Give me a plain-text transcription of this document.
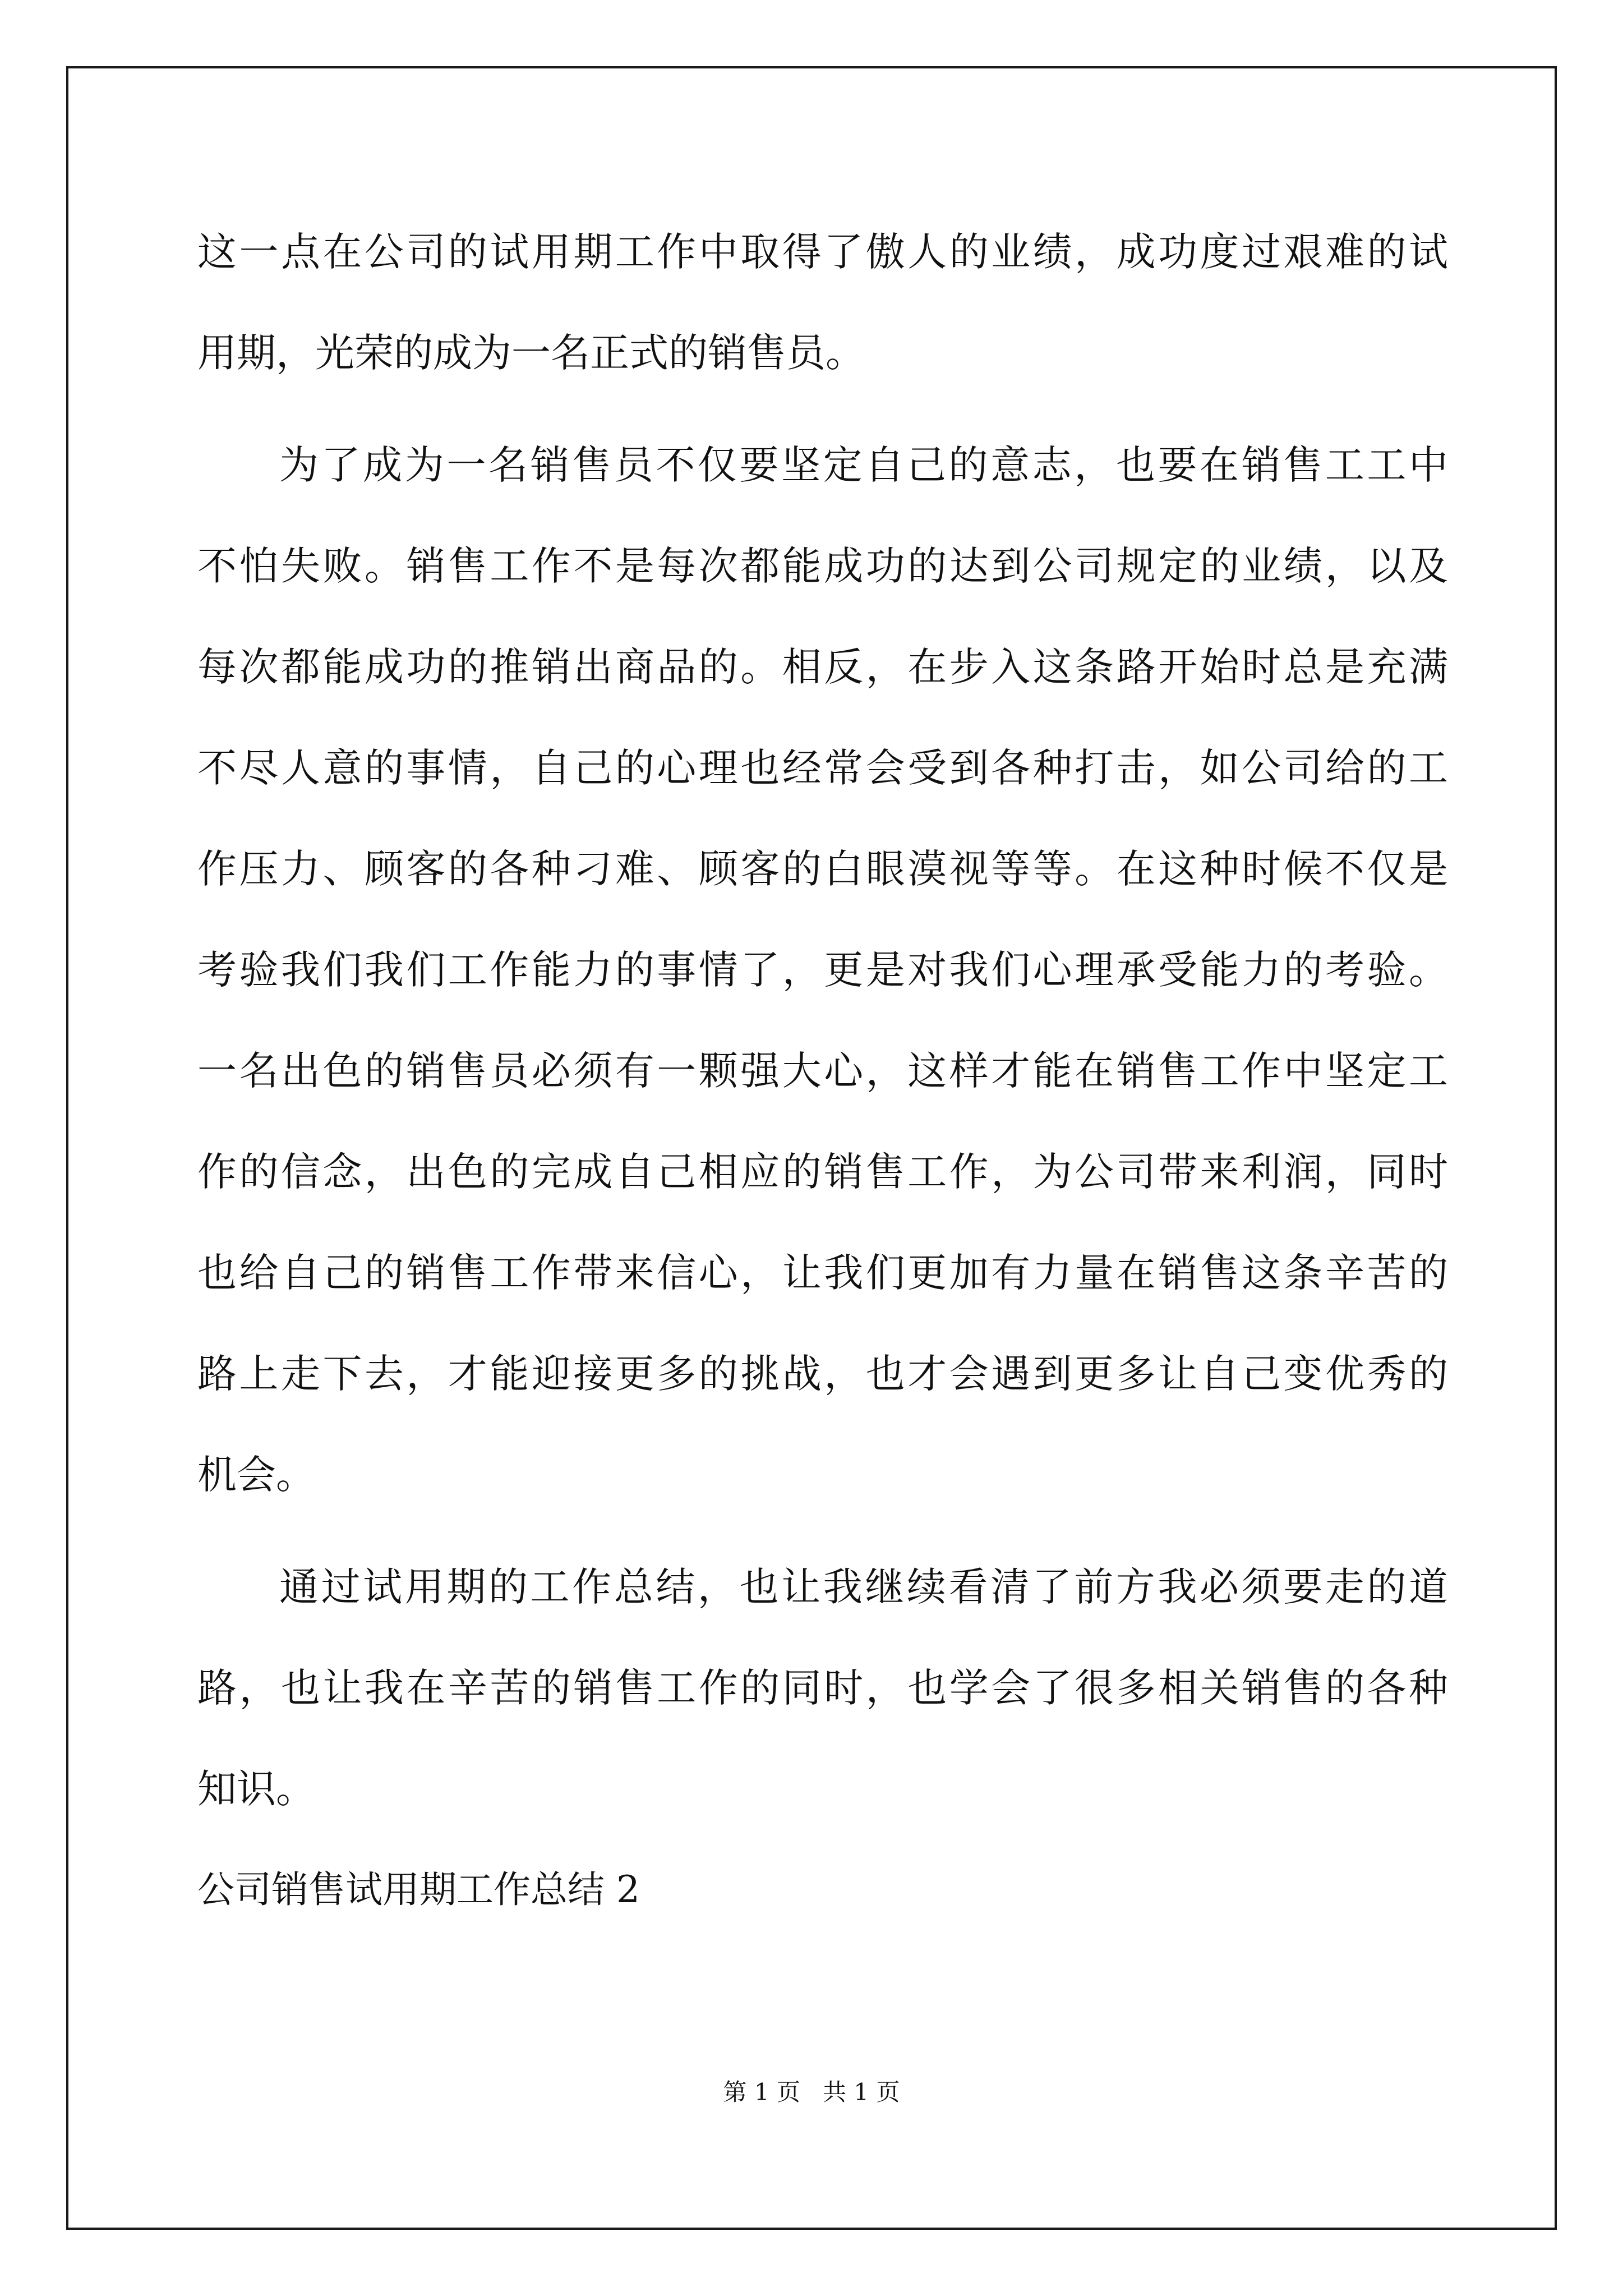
这一点在公司的试用期工作中取得了傲人的业绩，成功度过艰难的试
用期，光荣的成为一名正式的销售员。
为了成为一名销售员不仅要坚定自己的意志，也要在销售工工中
不怕失败。销售工作不是每次都能成功的达到公司规定的业绩，以及
每次都能成功的推销出商品的。相反，在步入这条路开始时总是充满
不尽人意的事情，自己的心理也经常会受到各种打击，如公司给的工
作压力、顾客的各种刁难、顾客的白眼漠视等等。在这种时候不仅是
考验我们我们工作能力的事情了，更是对我们心理承受能力的考验。
一名出色的销售员必须有一颗强大心，这样才能在销售工作中坚定工
作的信念，出色的完成自己相应的销售工作，为公司带来利润，同时
也给自己的销售工作带来信心，让我们更加有力量在销售这条辛苦的
路上走下去，才能迎接更多的挑战，也才会遇到更多让自己变优秀的
机会。
通过试用期的工作总结，也让我继续看清了前方我必须要走的道
路，也让我在辛苦的销售工作的同时，也学会了很多相关销售的各种
知识。
公司销售试用期工作总结 2
第 1 页   共 1 页
